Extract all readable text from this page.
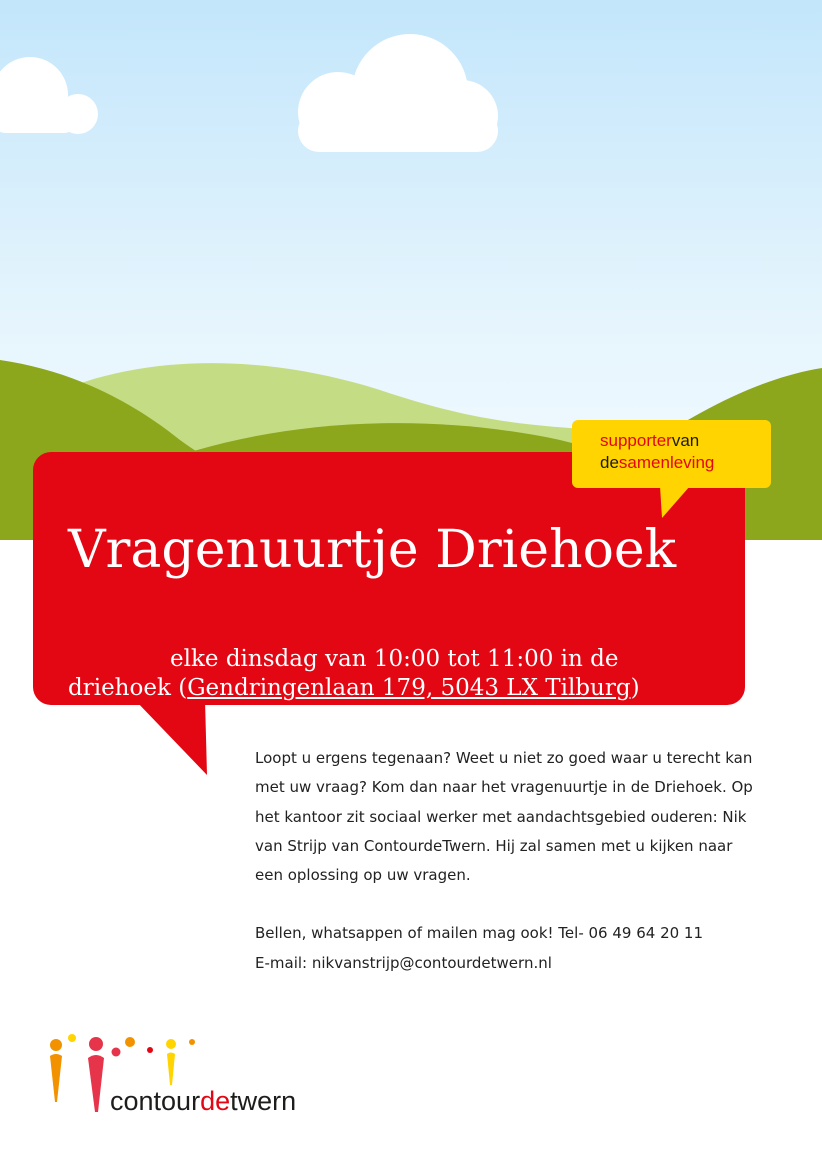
supportervan
desamenleving
Vragenuurtje Driehoek
elke dinsdag van 10:00 tot 11:00 in de
driehoek (Gendringenlaan 179, 5043 LX Tilburg)

Loopt u ergens tegenaan? Weet u niet zo goed waar u terecht kan met uw vraag? Kom dan naar het vragenuurtje in de Driehoek. Op het kantoor zit sociaal werker met aandachtsgebied ouderen: Nik van Strijp van ContourdeTwern. Hij zal samen met u kijken naar een oplossing op uw vragen.

Bellen, whatsappen of mailen mag ook! Tel- 06 49 64 20 11

E-mail: nikvanstrijp@contourdetwern.nl

contourdetwern
